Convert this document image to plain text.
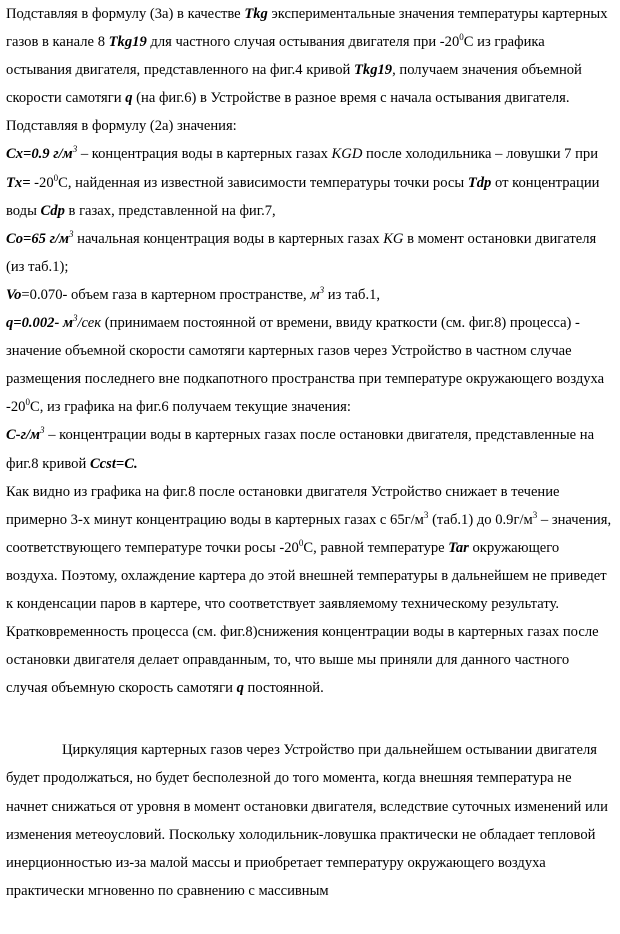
Подставляя в формулу (3а) в качестве Tkg экспериментальные значения температуры картерных газов в канале 8 Tkg19 для частного случая остывания двигателя при $-20^0С$ из графика остывания двигателя, представленного на фиг.4 кривой Tkg19, получаем значения объемной скорости самотяги q (на фиг.6) в Устройстве в разное время с начала остывания двигателя.

Подставляя в формулу (2а) значения:

Cx=0.9 $г/м^3$ – концентрация воды в картерных газах KGD после холодильника – ловушки 7 при $Tx= -20^0С$, найденная из известной зависимости температуры точки росы Tdp от концентрации воды Cdp в газах, представленной на фиг.7,

Co=65 $г/м^3$ начальная концентрация воды в картерных газах KG в момент остановки двигателя (из таб.1);

Vo=0.070- объем газа в картерном пространстве, $м^3$ из таб.1,

q=0.002- $м^3$/сек (принимаем постоянной от времени, ввиду краткости (см. фиг.8) процесса) - значение объемной скорости самотяги картерных газов через Устройство в частном случае размещения последнего вне подкапотного пространства при температуре окружающего воздуха $-20^0С$, из графика на фиг.6 получаем текущие значения:

$C-г/м^3$ – концентрации воды в картерных газах после остановки двигателя, представленные на фиг.8 кривой Ccst=C.

Как видно из графика на фиг.8 после остановки двигателя Устройство снижает в течение примерно 3-х минут концентрацию воды в картерных газах с $65г/м^3$ (таб.1) до $0.9г/м^3$ – значения, соответствующего температуре точки росы $-20^0С$, равной температуре Tar окружающего воздуха. Поэтому, охлаждение картера до этой внешней температуры в дальнейшем не приведет к конденсации паров в картере, что соответствует заявляемому техническому результату.

Кратковременность процесса (см. фиг.8)снижения концентрации воды в картерных газах после остановки двигателя делает оправданным, то, что выше мы приняли для данного частного случая объемную скорость самотяги q постоянной.

Циркуляция картерных газов через Устройство при дальнейшем остывании двигателя будет продолжаться, но будет бесполезной до того момента, когда внешняя температура не начнет снижаться от уровня в момент остановки двигателя, вследствие суточных изменений или изменения метеоусловий. Поскольку холодильник-ловушка практически не обладает тепловой инерционностью из-за малой массы и приобретает температуру окружающего воздуха практически мгновенно по сравнению с массивным
